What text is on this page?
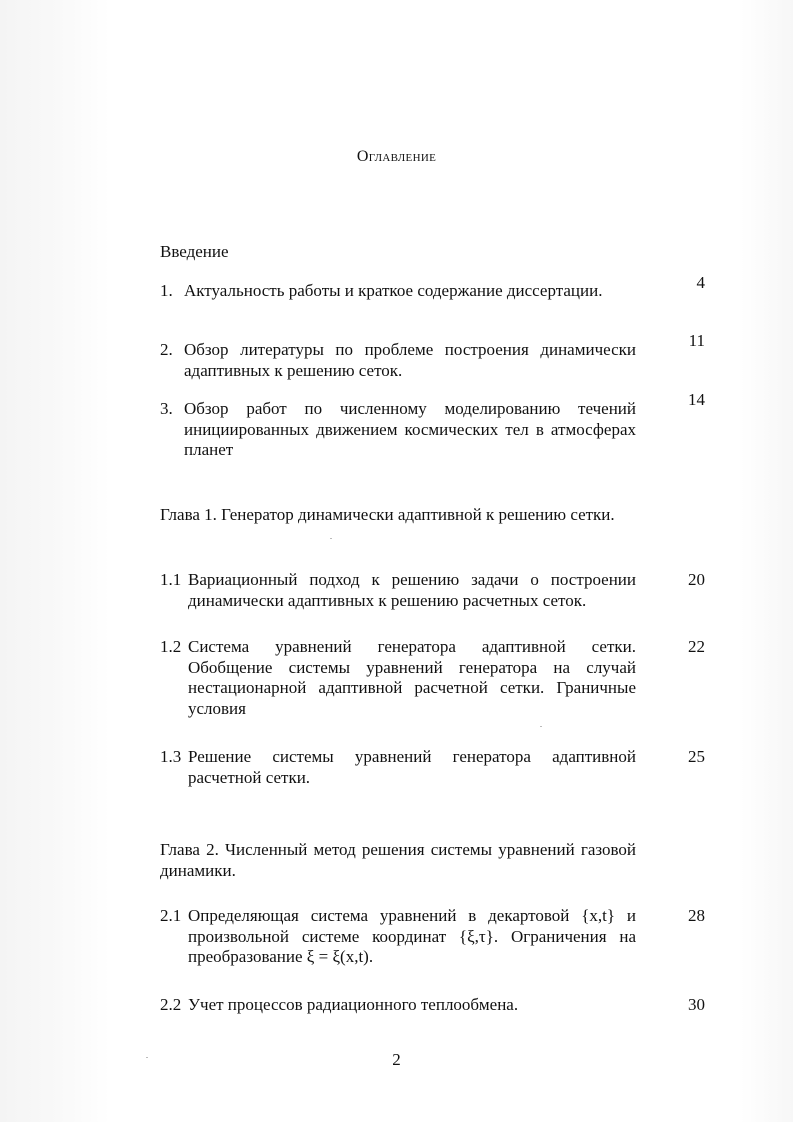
Оглавление
Введение
1. Актуальность работы и краткое содержание диссертации.	4
2. Обзор литературы по проблеме построения динамически адаптивных к решению сеток.
11
3. Обзор работ по численному моделированию течений инициированных движением космических тел в атмосферах планет
14
Глава 1. Генератор динамически адаптивной к решению сетки.
1.1 Вариационный подход к решению задачи о построении динамически адаптивных к решению расчетных сеток.
20
1.2 Система уравнений генератора адаптивной сетки. Обобщение системы уравнений генератора на случай нестационарной адаптивной расчетной сетки. Граничные условия
22
1.3 Решение системы уравнений генератора адаптивной расчетной сетки.
25
Глава 2. Численный метод решения системы уравнений газовой динамики.
2.1 Определяющая система уравнений в декартовой {x,t} и произвольной системе координат {ξ,τ}. Ограничения на преобразование ξ = ξ(x,t).
28
2.2 Учет процессов радиационного теплообмена.	30
2
